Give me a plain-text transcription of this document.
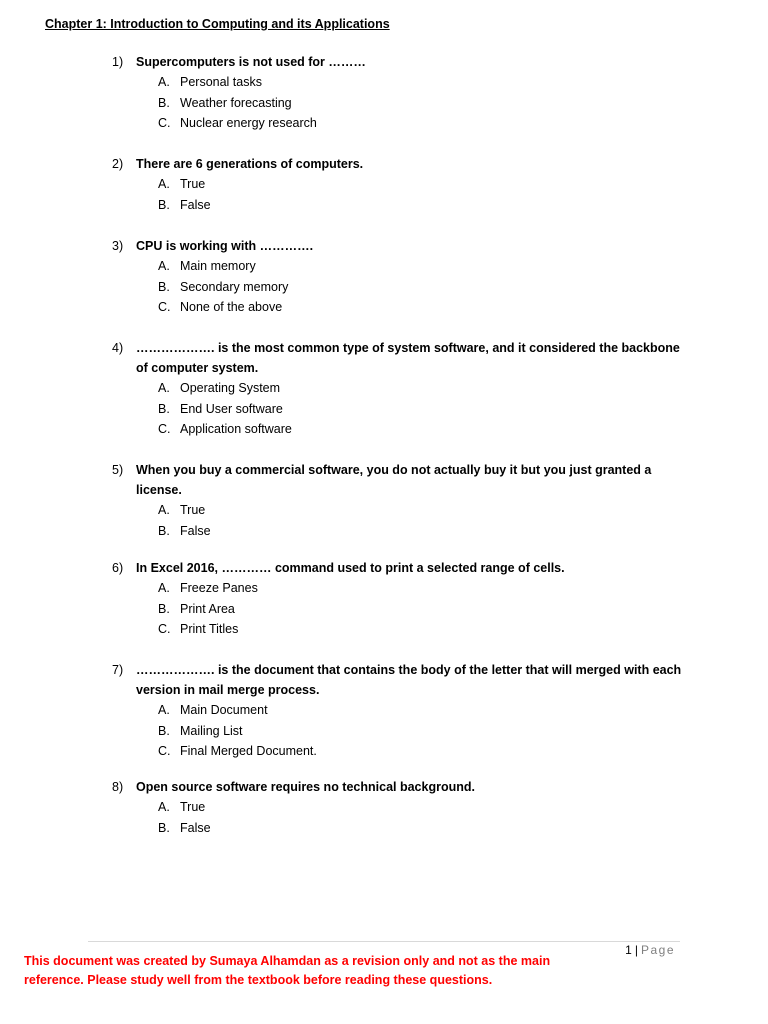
Chapter 1: Introduction to Computing and its Applications
1)	Supercomputers is not used for ………
A. Personal tasks
B. Weather forecasting
C. Nuclear energy research
2)	There are 6 generations of computers.
A. True
B. False
3)	CPU is working with ………….
A. Main memory
B. Secondary memory
C. None of the above
4)	………………. is the most common type of system software, and it considered the backbone of computer system.
A. Operating System
B. End User software
C. Application software
5)	When you buy a commercial software, you do not actually buy it but you just granted a license.
A. True
B. False
6)	In Excel 2016, ………… command used to print a selected range of cells.
A. Freeze Panes
B. Print Area
C. Print Titles
7)	………………. is the document that contains the body of the letter that will merged with each version in mail merge process.
A. Main Document
B. Mailing List
C. Final Merged Document.
8)	Open source software requires no technical background.
A. True
B. False
1 | Page
This document was created by Sumaya Alhamdan as a revision only and not as the main reference. Please study well from the textbook before reading these questions.
